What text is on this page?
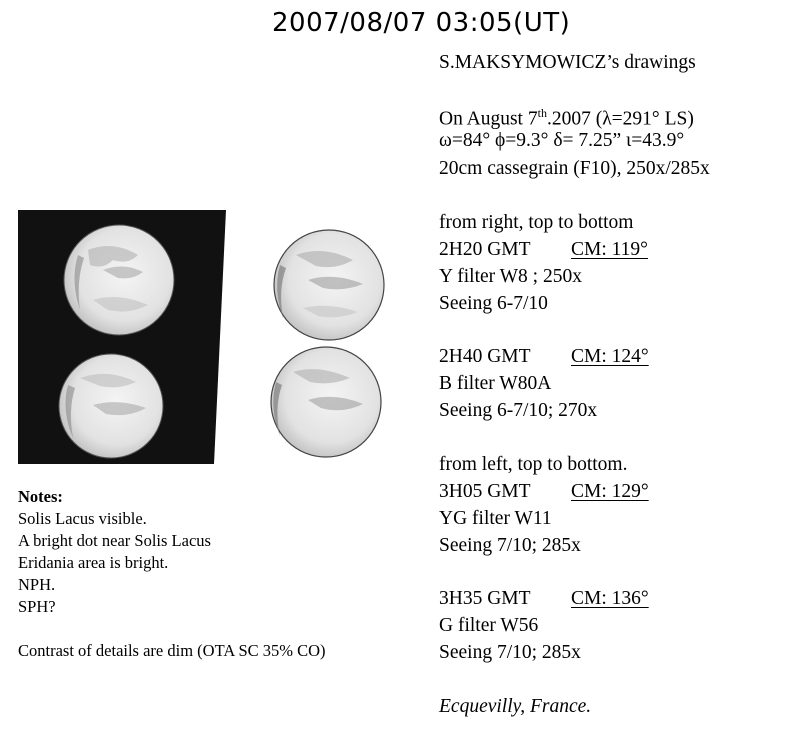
2007/08/07 03:05(UT)
S.MAKSYMOWICZ’s drawings
On August 7th.2007 (λ=291° LS)
ω=84° ϕ=9.3° δ= 7.25” ι=43.9°
20cm cassegrain (F10), 250x/285x
from right, top to bottom
2H20 GMT CM: 119°
Y filter W8 ; 250x
Seeing 6-7/10
2H40 GMT CM: 124°
B filter W80A
Seeing 6-7/10; 270x
from left, top to bottom.
3H05 GMT CM: 129°
YG filter W11
Seeing 7/10; 285x
3H35 GMT CM: 136°
G filter W56
Seeing 7/10; 285x
Ecquevilly, France.
Notes:
Solis Lacus visible.
A bright dot near Solis Lacus
Eridania area is bright.
NPH.
SPH?
Contrast of details are dim (OTA SC 35% CO)
